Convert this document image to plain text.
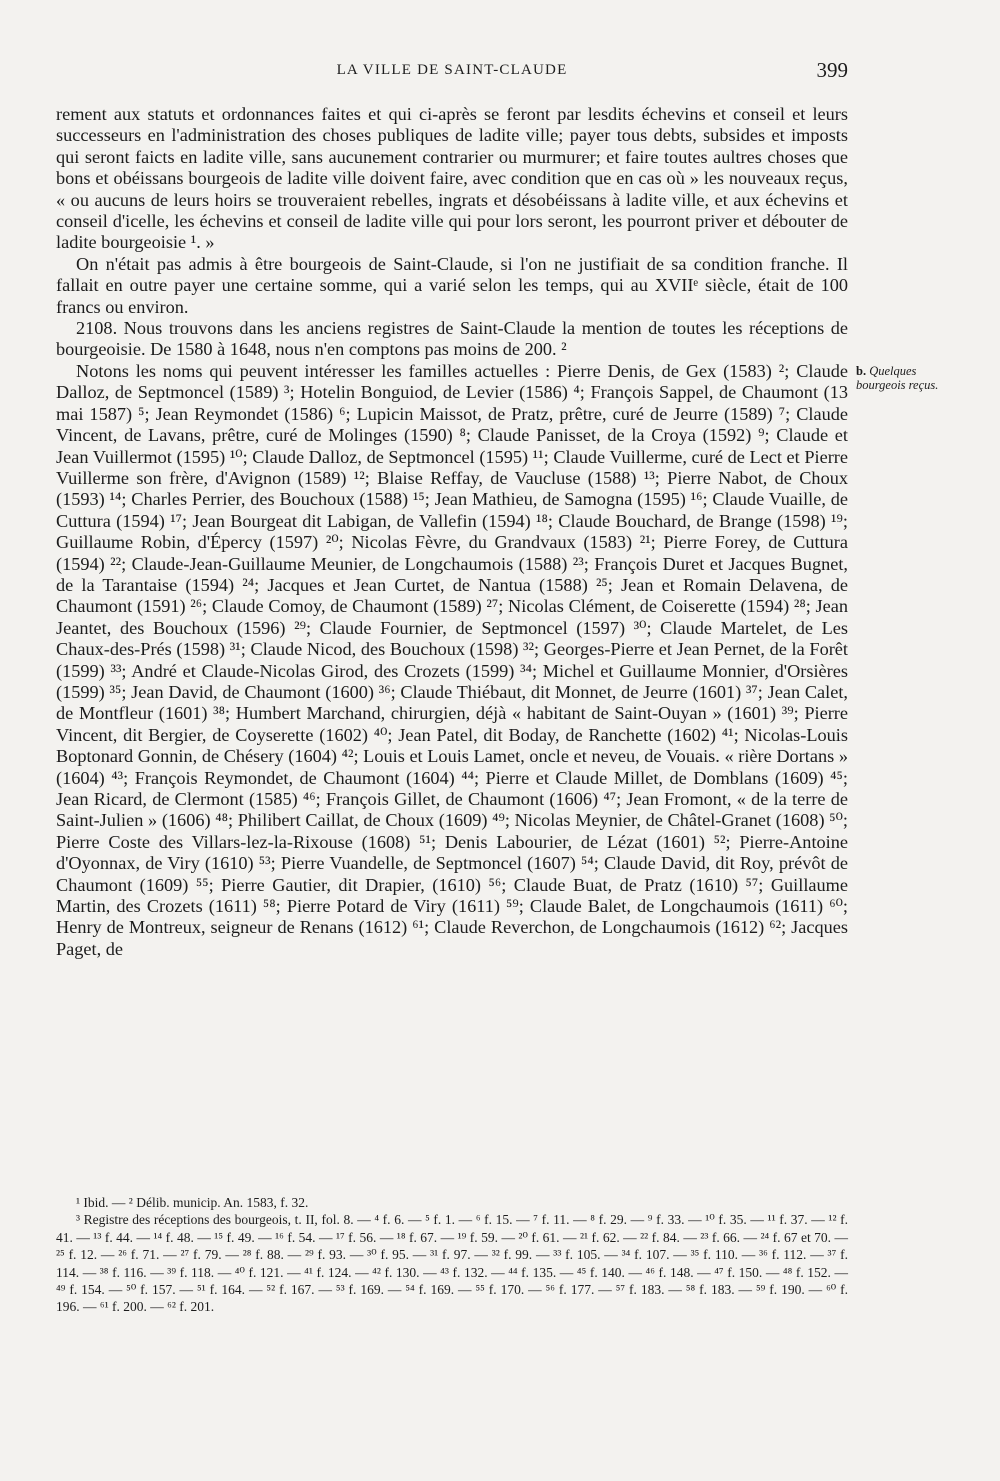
LA VILLE DE SAINT-CLAUDE	399

rement aux statuts et ordonnances faites et qui ci-après se feront par lesdits échevins et conseil et leurs successeurs en l'administration des choses publiques de ladite ville; payer tous debts, subsides et imposts qui seront faicts en ladite ville, sans aucunement contrarier ou murmurer; et faire toutes aultres choses que bons et obéissans bourgeois de ladite ville doivent faire, avec condition que en cas où » les nouveaux reçus, « ou aucuns de leurs hoirs se trouveraient rebelles, ingrats et désobéissans à ladite ville, et aux échevins et conseil d'icelle, les échevins et conseil de ladite ville qui pour lors seront, les pourront priver et débouter de ladite bourgeoisie ¹. »

On n'était pas admis à être bourgeois de Saint-Claude, si l'on ne justifiait de sa condition franche. Il fallait en outre payer une certaine somme, qui a varié selon les temps, qui au XVIIᵉ siècle, était de 100 francs ou environ.

2108. Nous trouvons dans les anciens registres de Saint-Claude la mention de toutes les réceptions de bourgeoisie. De 1580 à 1648, nous n'en comptons pas moins de 200. ²

Notons les noms qui peuvent intéresser les familles actuelles : Pierre Denis, de Gex (1583) ²; Claude Dalloz, de Septmoncel (1589) ³; Hotelin Bonguiod, de Levier (1586) ⁴; François Sappel, de Chaumont (13 mai 1587) ⁵; Jean Reymondet (1586) ⁶; Lupicin Maissot, de Pratz, prêtre, curé de Jeurre (1589) ⁷; Claude Vincent, de Lavans, prêtre, curé de Molinges (1590) ⁸; Claude Panisset, de la Croya (1592) ⁹; Claude et Jean Vuillermot (1595) ¹⁰; Claude Dalloz, de Septmoncel (1595) ¹¹; Claude Vuillerme, curé de Lect et Pierre Vuillerme son frère, d'Avignon (1589) ¹²; Blaise Reffay, de Vaucluse (1588) ¹³; Pierre Nabot, de Choux (1593) ¹⁴; Charles Perrier, des Bouchoux (1588) ¹⁵; Jean Mathieu, de Samogna (1595) ¹⁶; Claude Vuaille, de Cuttura (1594) ¹⁷; Jean Bourgeat dit Labigan, de Vallefin (1594) ¹⁸; Claude Bouchard, de Brange (1598) ¹⁹; Guillaume Robin, d'Épercy (1597) ²⁰; Nicolas Fèvre, du Grandvaux (1583) ²¹; Pierre Forey, de Cuttura (1594) ²²; Claude-Jean-Guillaume Meunier, de Longchaumois (1588) ²³; François Duret et Jacques Bugnet, de la Tarantaise (1594) ²⁴; Jacques et Jean Curtet, de Nantua (1588) ²⁵; Jean et Romain Delavena, de Chaumont (1591) ²⁶; Claude Comoy, de Chaumont (1589) ²⁷; Nicolas Clément, de Coiserette (1594) ²⁸; Jean Jeantet, des Bouchoux (1596) ²⁹; Claude Fournier, de Septmoncel (1597) ³⁰; Claude Martelet, de Les Chaux-des-Prés (1598) ³¹; Claude Nicod, des Bouchoux (1598) ³²; Georges-Pierre et Jean Pernet, de la Forêt (1599) ³³; André et Claude-Nicolas Girod, des Crozets (1599) ³⁴; Michel et Guillaume Monnier, d'Orsières (1599) ³⁵; Jean David, de Chaumont (1600) ³⁶; Claude Thiébaut, dit Monnet, de Jeurre (1601) ³⁷; Jean Calet, de Montfleur (1601) ³⁸; Humbert Marchand, chirurgien, déjà « habitant de Saint-Ouyan » (1601) ³⁹; Pierre Vincent, dit Bergier, de Coyserette (1602) ⁴⁰; Jean Patel, dit Boday, de Ranchette (1602) ⁴¹; Nicolas-Louis Boptonard Gonnin, de Chésery (1604) ⁴²; Louis et Louis Lamet, oncle et neveu, de Vouais. « rière Dortans » (1604) ⁴³; François Reymondet, de Chaumont (1604) ⁴⁴; Pierre et Claude Millet, de Domblans (1609) ⁴⁵; Jean Ricard, de Clermont (1585) ⁴⁶; François Gillet, de Chaumont (1606) ⁴⁷; Jean Fromont, « de la terre de Saint-Julien » (1606) ⁴⁸; Philibert Caillat, de Choux (1609) ⁴⁹; Nicolas Meynier, de Châtel-Granet (1608) ⁵⁰; Pierre Coste des Villars-lez-la-Rixouse (1608) ⁵¹; Denis Labourier, de Lézat (1601) ⁵²; Pierre-Antoine d'Oyonnax, de Viry (1610) ⁵³; Pierre Vuandelle, de Septmoncel (1607) ⁵⁴; Claude David, dit Roy, prévôt de Chaumont (1609) ⁵⁵; Pierre Gautier, dit Drapier, (1610) ⁵⁶; Claude Buat, de Pratz (1610) ⁵⁷; Guillaume Martin, des Crozets (1611) ⁵⁸; Pierre Potard de Viry (1611) ⁵⁹; Claude Balet, de Longchaumois (1611) ⁶⁰; Henry de Montreux, seigneur de Renans (1612) ⁶¹; Claude Reverchon, de Longchaumois (1612) ⁶²; Jacques Paget, de

b. Quelques bourgeois reçus.

¹ Ibid. — ² Délib. municip. An. 1583, f. 32.

³ Registre des réceptions des bourgeois, t. II, fol. 8. — ⁴ f. 6. — ⁵ f. 1. — ⁶ f. 15. — ⁷ f. 11. — ⁸ f. 29. — ⁹ f. 33. — ¹⁰ f. 35. — ¹¹ f. 37. — ¹² f. 41. — ¹³ f. 44. — ¹⁴ f. 48. — ¹⁵ f. 49. — ¹⁶ f. 54. — ¹⁷ f. 56. — ¹⁸ f. 67. — ¹⁹ f. 59. — ²⁰ f. 61. — ²¹ f. 62. — ²² f. 84. — ²³ f. 66. — ²⁴ f. 67 et 70. — ²⁵ f. 12. — ²⁶ f. 71. — ²⁷ f. 79. — ²⁸ f. 88. — ²⁹ f. 93. — ³⁰ f. 95. — ³¹ f. 97. — ³² f. 99. — ³³ f. 105. — ³⁴ f. 107. — ³⁵ f. 110. — ³⁶ f. 112. — ³⁷ f. 114. — ³⁸ f. 116. — ³⁹ f. 118. — ⁴⁰ f. 121. — ⁴¹ f. 124. — ⁴² f. 130. — ⁴³ f. 132. — ⁴⁴ f. 135. — ⁴⁵ f. 140. — ⁴⁶ f. 148. — ⁴⁷ f. 150. — ⁴⁸ f. 152. — ⁴⁹ f. 154. — ⁵⁰ f. 157. — ⁵¹ f. 164. — ⁵² f. 167. — ⁵³ f. 169. — ⁵⁴ f. 169. — ⁵⁵ f. 170. — ⁵⁶ f. 177. — ⁵⁷ f. 183. — ⁵⁸ f. 183. — ⁵⁹ f. 190. — ⁶⁰ f. 196. — ⁶¹ f. 200. — ⁶² f. 201.
